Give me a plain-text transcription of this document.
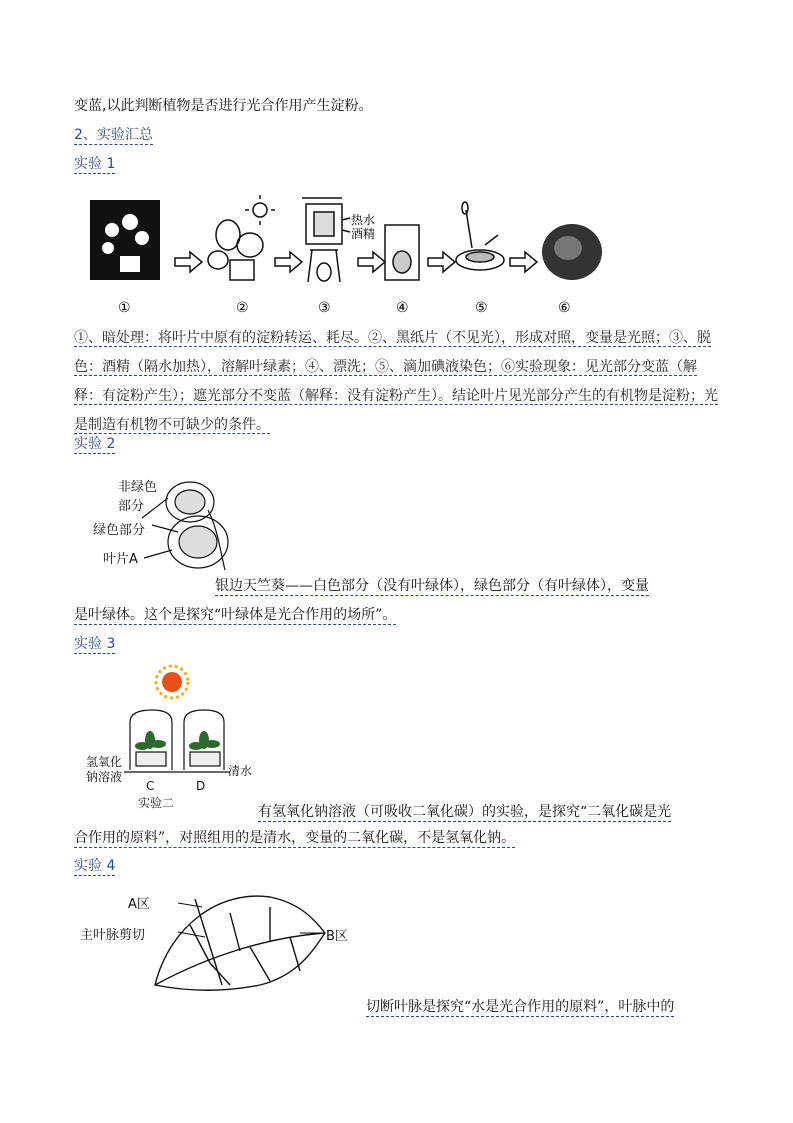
变蓝,以此判断植物是否进行光合作用产生淀粉。
2、实验汇总
实验 1
热水
酒精
①	②	③	④	⑤	⑥
①、暗处理：将叶片中原有的淀粉转运、耗尽。②、黑纸片（不见光），形成对照，变量是光照；③、脱色：酒精（隔水加热），溶解叶绿素；④、漂洗；⑤、滴加碘液染色；⑥实验现象：见光部分变蓝（解释：有淀粉产生）；遮光部分不变蓝（解释：没有淀粉产生）。结论叶片见光部分产生的有机物是淀粉；光是制造有机物不可缺少的条件。
实验 2
非绿色
部分
绿色部分
叶片A
银边天竺葵——白色部分（没有叶绿体），绿色部分（有叶绿体），变量
是叶绿体。这个是探究“叶绿体是光合作用的场所”。
实验 3
氢氧化
钠溶液	清水
C	D
实验二
有氢氧化钠溶液（可吸收二氧化碳）的实验，是探究“二氧化碳是光
合作用的原料”，对照组用的是清水，变量的二氧化碳，不是氢氧化钠。
实验 4
A区
主叶脉剪切	B区
切断叶脉是探究“水是光合作用的原料”，叶脉中的
